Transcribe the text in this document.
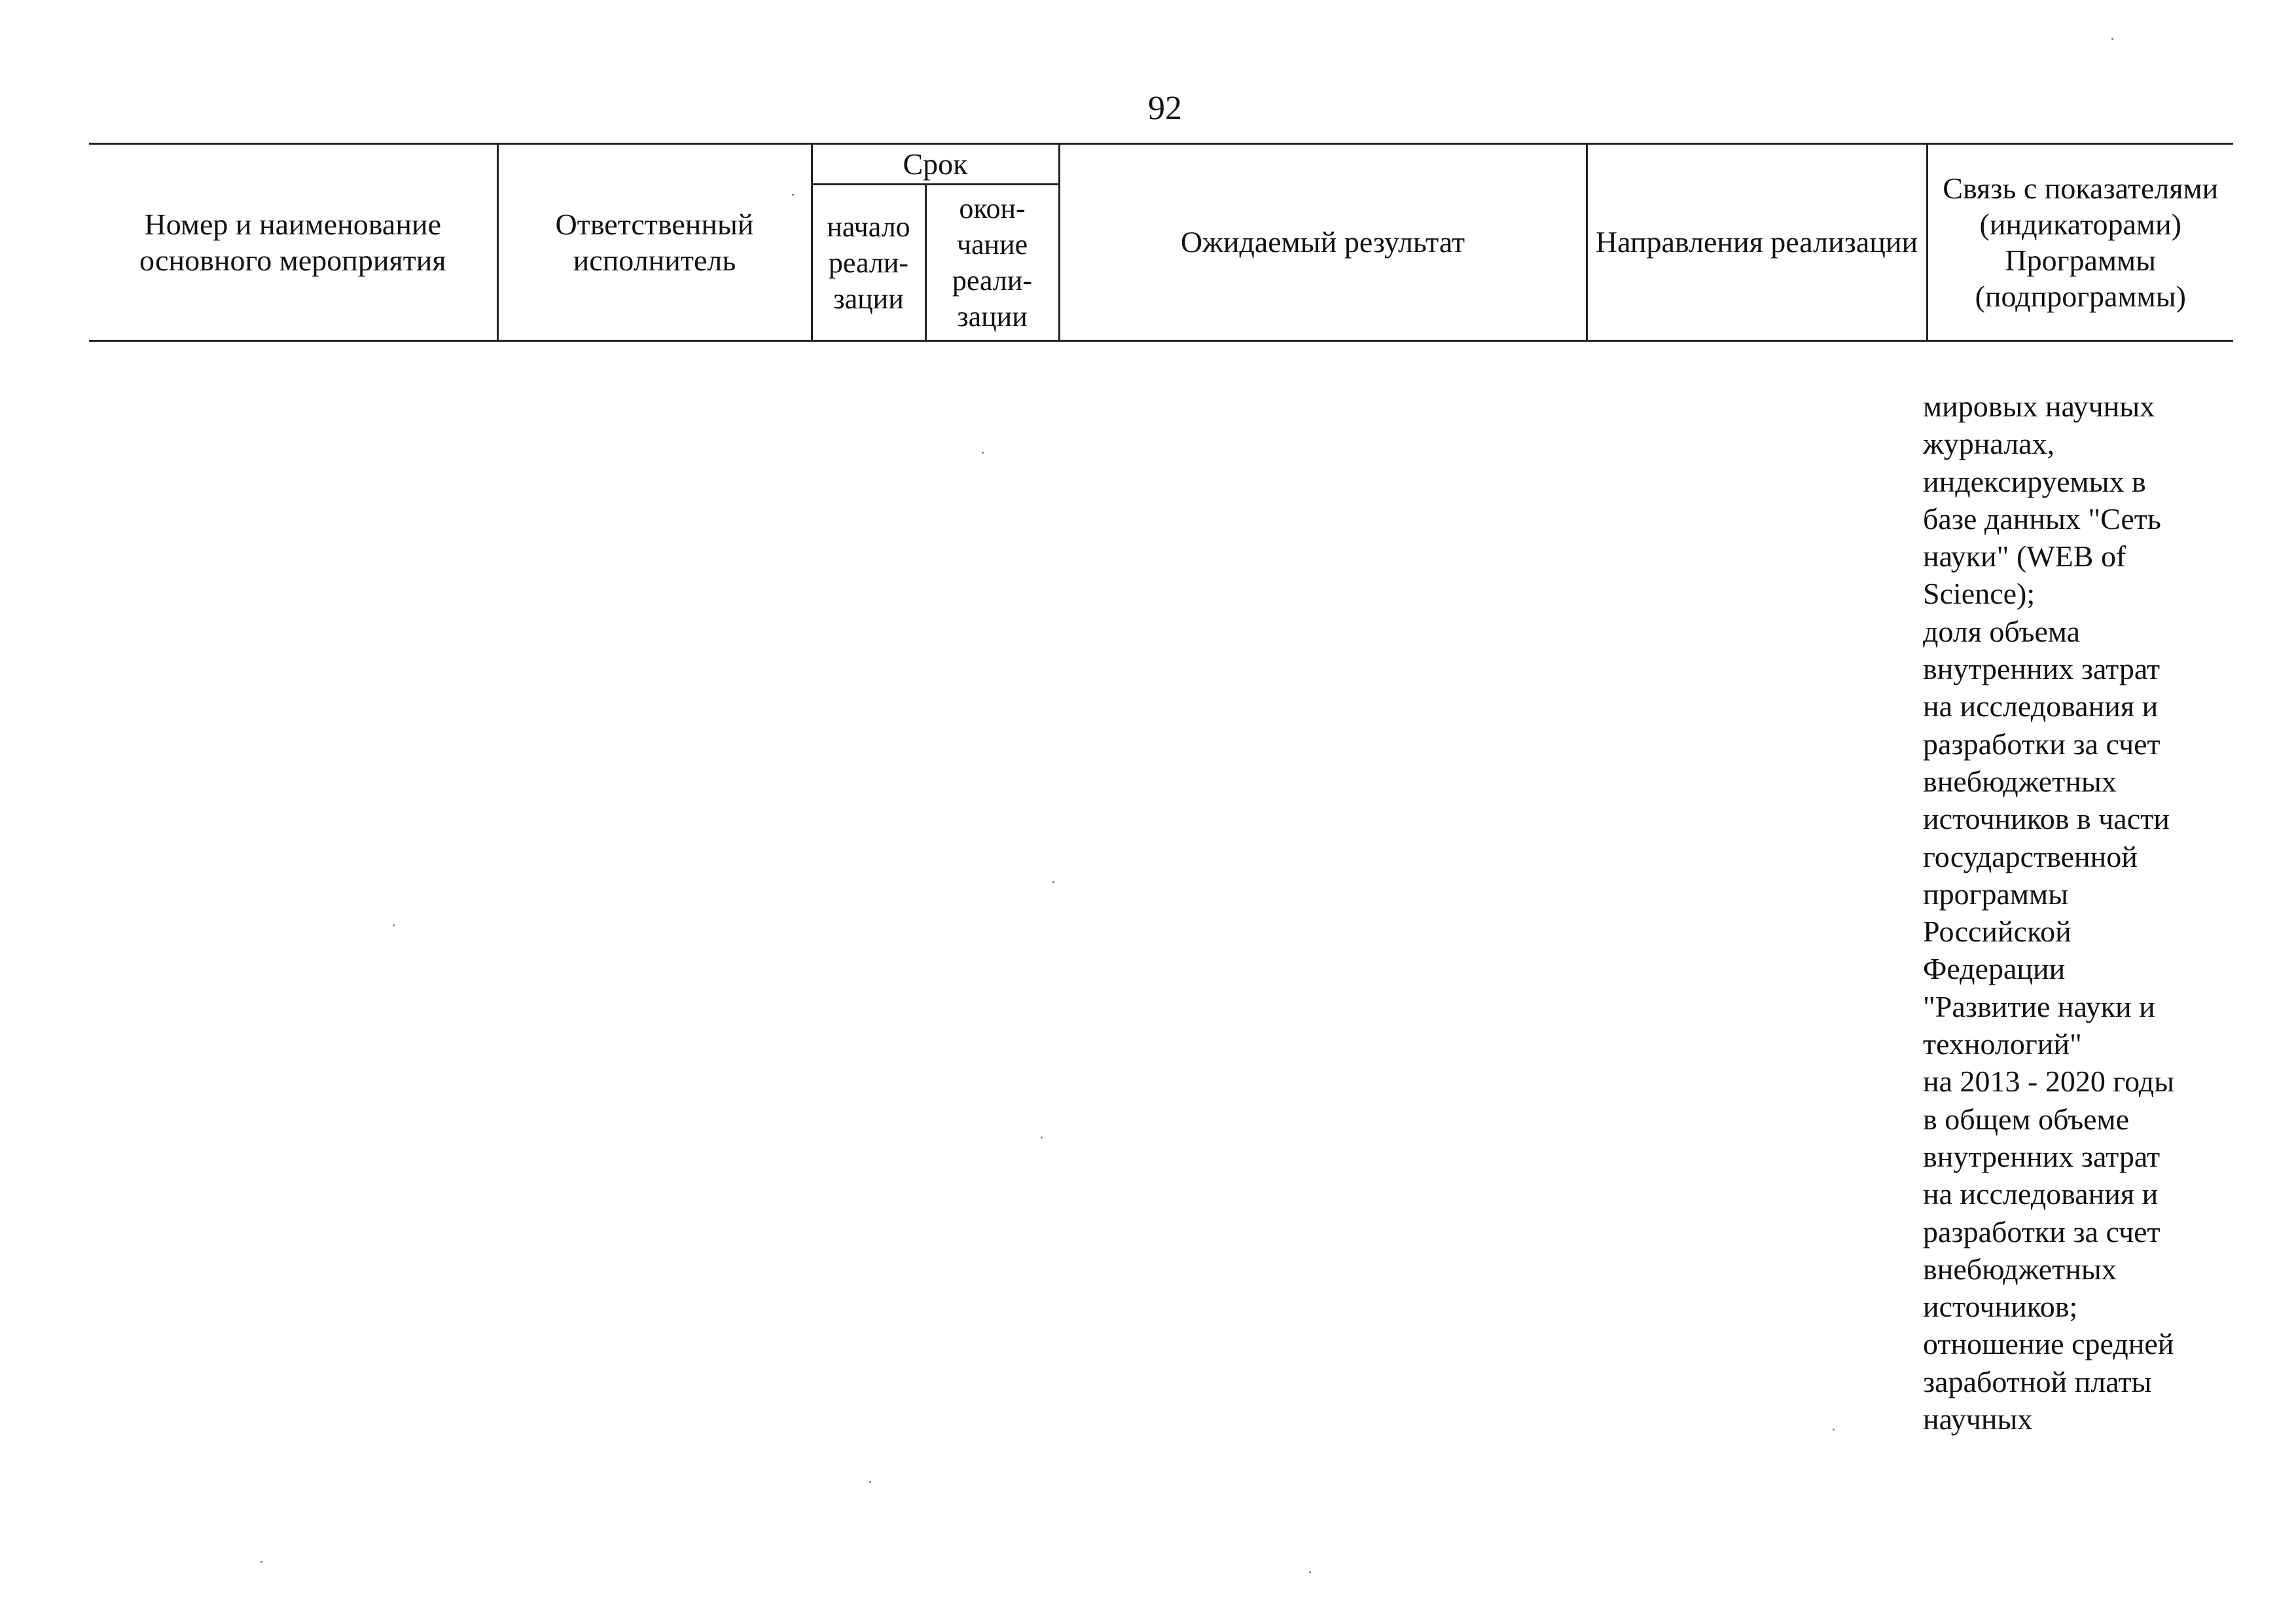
92
Номер и наименование основного мероприятия	Ответственный исполнитель	Срок		Ожидаемый результат	Направления реализации	Связь с показателями (индикаторами) Программы (подпрограммы)
		начало реали-зации	окон-чание реали-зации			
мировых научных
журналах,
индексируемых в
базе данных "Сеть
науки" (WEB of
Science);
доля объема
внутренних затрат
на исследования и
разработки за счет
внебюджетных
источников в части
государственной
программы
Российской
Федерации
"Развитие науки и
технологий"
на 2013 - 2020 годы
в общем объеме
внутренних затрат
на исследования и
разработки за счет
внебюджетных
источников;
отношение средней
заработной платы
научных
